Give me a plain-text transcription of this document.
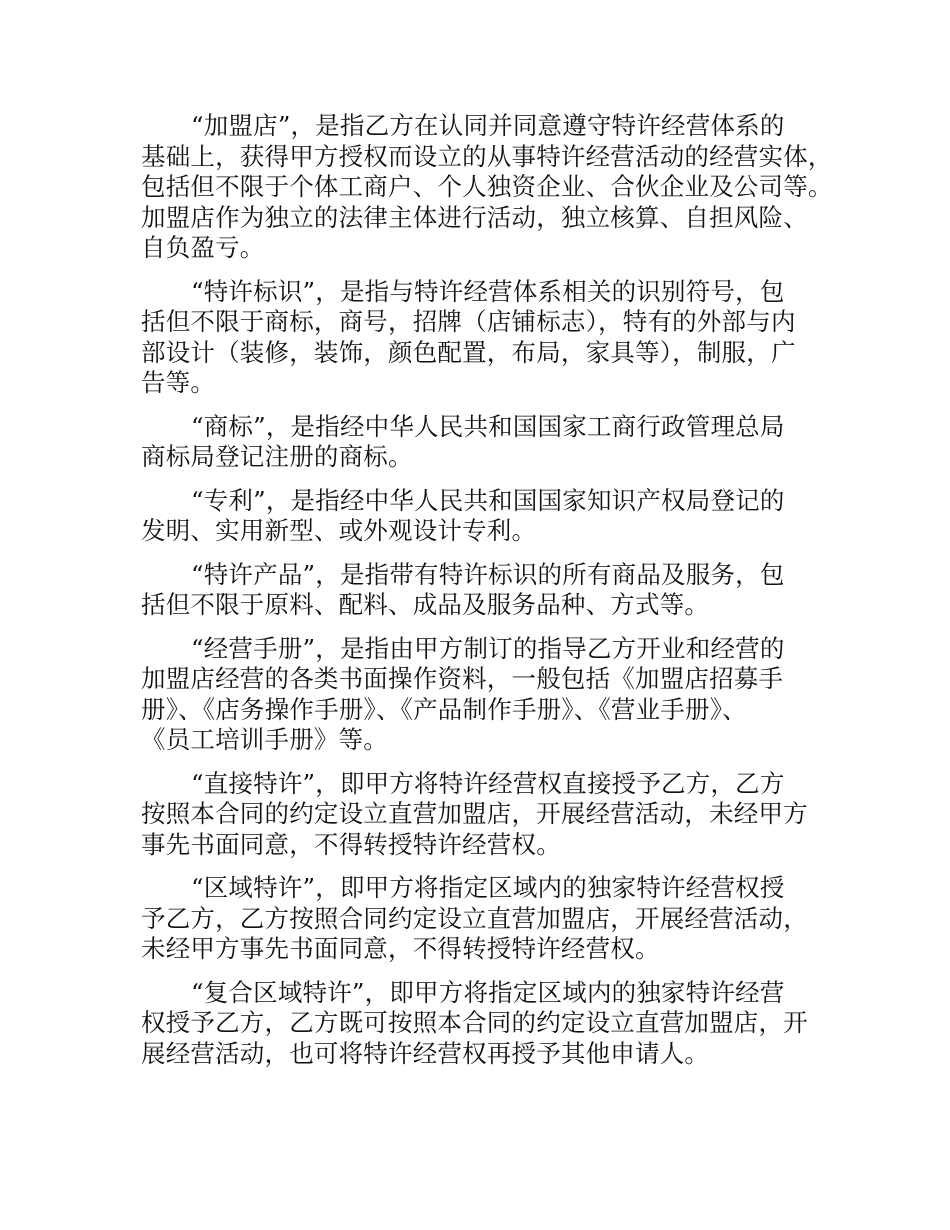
“加盟店”，是指乙方在认同并同意遵守特许经营体系的
基础上，获得甲方授权而设立的从事特许经营活动的经营实体，
包括但不限于个体工商户、个人独资企业、合伙企业及公司等。
加盟店作为独立的法律主体进行活动，独立核算、自担风险、
自负盈亏。

“特许标识”，是指与特许经营体系相关的识别符号，包
括但不限于商标，商号，招牌（店铺标志），特有的外部与内
部设计（装修，装饰，颜色配置，布局，家具等），制服，广
告等。

“商标”，是指经中华人民共和国国家工商行政管理总局
商标局登记注册的商标。

“专利”，是指经中华人民共和国国家知识产权局登记的
发明、实用新型、或外观设计专利。

“特许产品”，是指带有特许标识的所有商品及服务，包
括但不限于原料、配料、成品及服务品种、方式等。

“经营手册”，是指由甲方制订的指导乙方开业和经营的
加盟店经营的各类书面操作资料，一般包括《加盟店招募手
册》、《店务操作手册》、《产品制作手册》、《营业手册》、
《员工培训手册》等。

“直接特许”，即甲方将特许经营权直接授予乙方，乙方
按照本合同的约定设立直营加盟店，开展经营活动，未经甲方
事先书面同意，不得转授特许经营权。

“区域特许”，即甲方将指定区域内的独家特许经营权授
予乙方，乙方按照合同约定设立直营加盟店，开展经营活动，
未经甲方事先书面同意，不得转授特许经营权。

“复合区域特许”，即甲方将指定区域内的独家特许经营
权授予乙方，乙方既可按照本合同的约定设立直营加盟店，开
展经营活动，也可将特许经营权再授予其他申请人。
